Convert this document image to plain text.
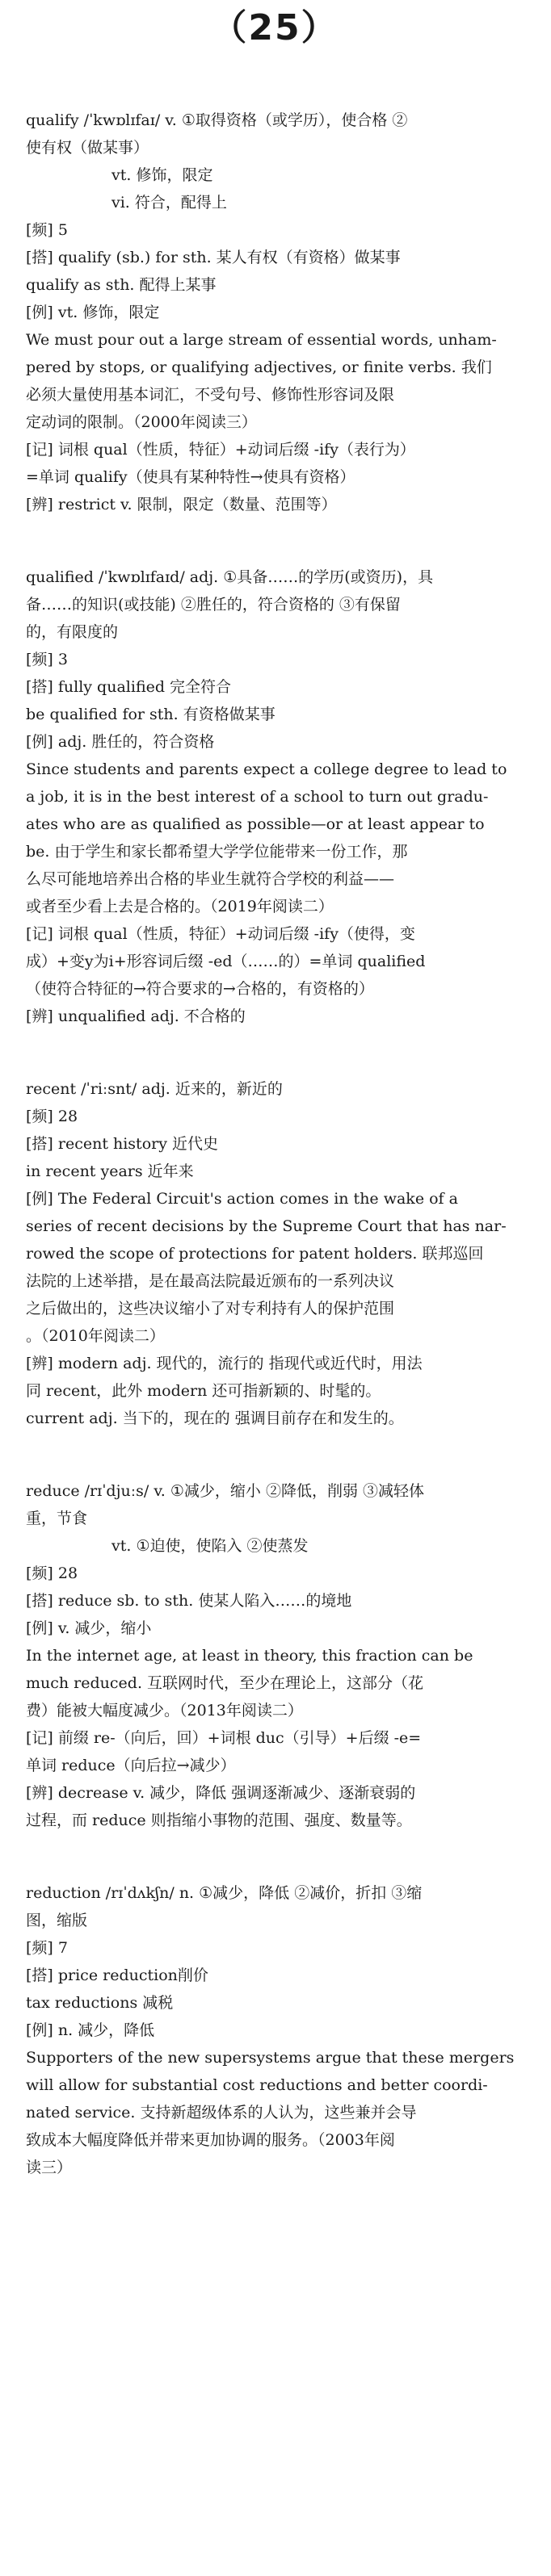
（25）
qualify /ˈkwɒlɪfaɪ/ v. ①取得资格（或学历），使合格 ②
使有权（做某事）
vt. 修饰，限定
vi. 符合，配得上
[频] 5
[搭] qualify (sb.) for sth. 某人有权（有资格）做某事
qualify as sth. 配得上某事
[例] vt. 修饰，限定
We must pour out a large stream of essential words, unham-
pered by stops, or qualifying adjectives, or finite verbs. 我们
必须大量使用基本词汇，不受句号、修饰性形容词及限
定动词的限制。（2000年阅读三）
[记] 词根 qual（性质，特征）+动词后缀 -ify（表行为）
=单词 qualify（使具有某种特性→使具有资格）
[辨] restrict v. 限制，限定（数量、范围等）
qualified /ˈkwɒlɪfaɪd/ adj. ①具备……的学历(或资历)，具
备……的知识(或技能) ②胜任的，符合资格的 ③有保留
的，有限度的
[频] 3
[搭] fully qualified 完全符合
be qualified for sth. 有资格做某事
[例] adj. 胜任的，符合资格
Since students and parents expect a college degree to lead to
a job, it is in the best interest of a school to turn out gradu-
ates who are as qualified as possible—or at least appear to
be. 由于学生和家长都希望大学学位能带来一份工作，那
么尽可能地培养出合格的毕业生就符合学校的利益——
或者至少看上去是合格的。（2019年阅读二）
[记] 词根 qual（性质，特征）+动词后缀 -ify（使得，变
成）+变y为i+形容词后缀 -ed（……的）=单词 qualified
（使符合特征的→符合要求的→合格的，有资格的）
[辨] unqualified adj. 不合格的
recent /ˈriːsnt/ adj. 近来的，新近的
[频] 28
[搭] recent history 近代史
in recent years 近年来
[例] The Federal Circuit's action comes in the wake of a
series of recent decisions by the Supreme Court that has nar-
rowed the scope of protections for patent holders. 联邦巡回
法院的上述举措，是在最高法院最近颁布的一系列决议
之后做出的，这些决议缩小了对专利持有人的保护范围
。（2010年阅读二）
[辨] modern adj. 现代的，流行的 指现代或近代时，用法
同 recent，此外 modern 还可指新颖的、时髦的。
current adj. 当下的，现在的 强调目前存在和发生的。
reduce /rɪˈdjuːs/ v. ①减少，缩小 ②降低，削弱 ③减轻体
重，节食
vt. ①迫使，使陷入 ②使蒸发
[频] 28
[搭] reduce sb. to sth. 使某人陷入……的境地
[例] v. 减少，缩小
In the internet age, at least in theory, this fraction can be
much reduced. 互联网时代，至少在理论上，这部分（花
费）能被大幅度减少。（2013年阅读二）
[记] 前缀 re-（向后，回）+词根 duc（引导）+后缀 -e=
单词 reduce（向后拉→减少）
[辨] decrease v. 减少，降低 强调逐渐减少、逐渐衰弱的
过程，而 reduce 则指缩小事物的范围、强度、数量等。
reduction /rɪˈdʌkʃn/ n. ①减少，降低 ②减价，折扣 ③缩
图，缩版
[频] 7
[搭] price reduction削价
tax reductions 减税
[例] n. 减少，降低
Supporters of the new supersystems argue that these mergers
will allow for substantial cost reductions and better coordi-
nated service. 支持新超级体系的人认为，这些兼并会导
致成本大幅度降低并带来更加协调的服务。（2003年阅
读三）
